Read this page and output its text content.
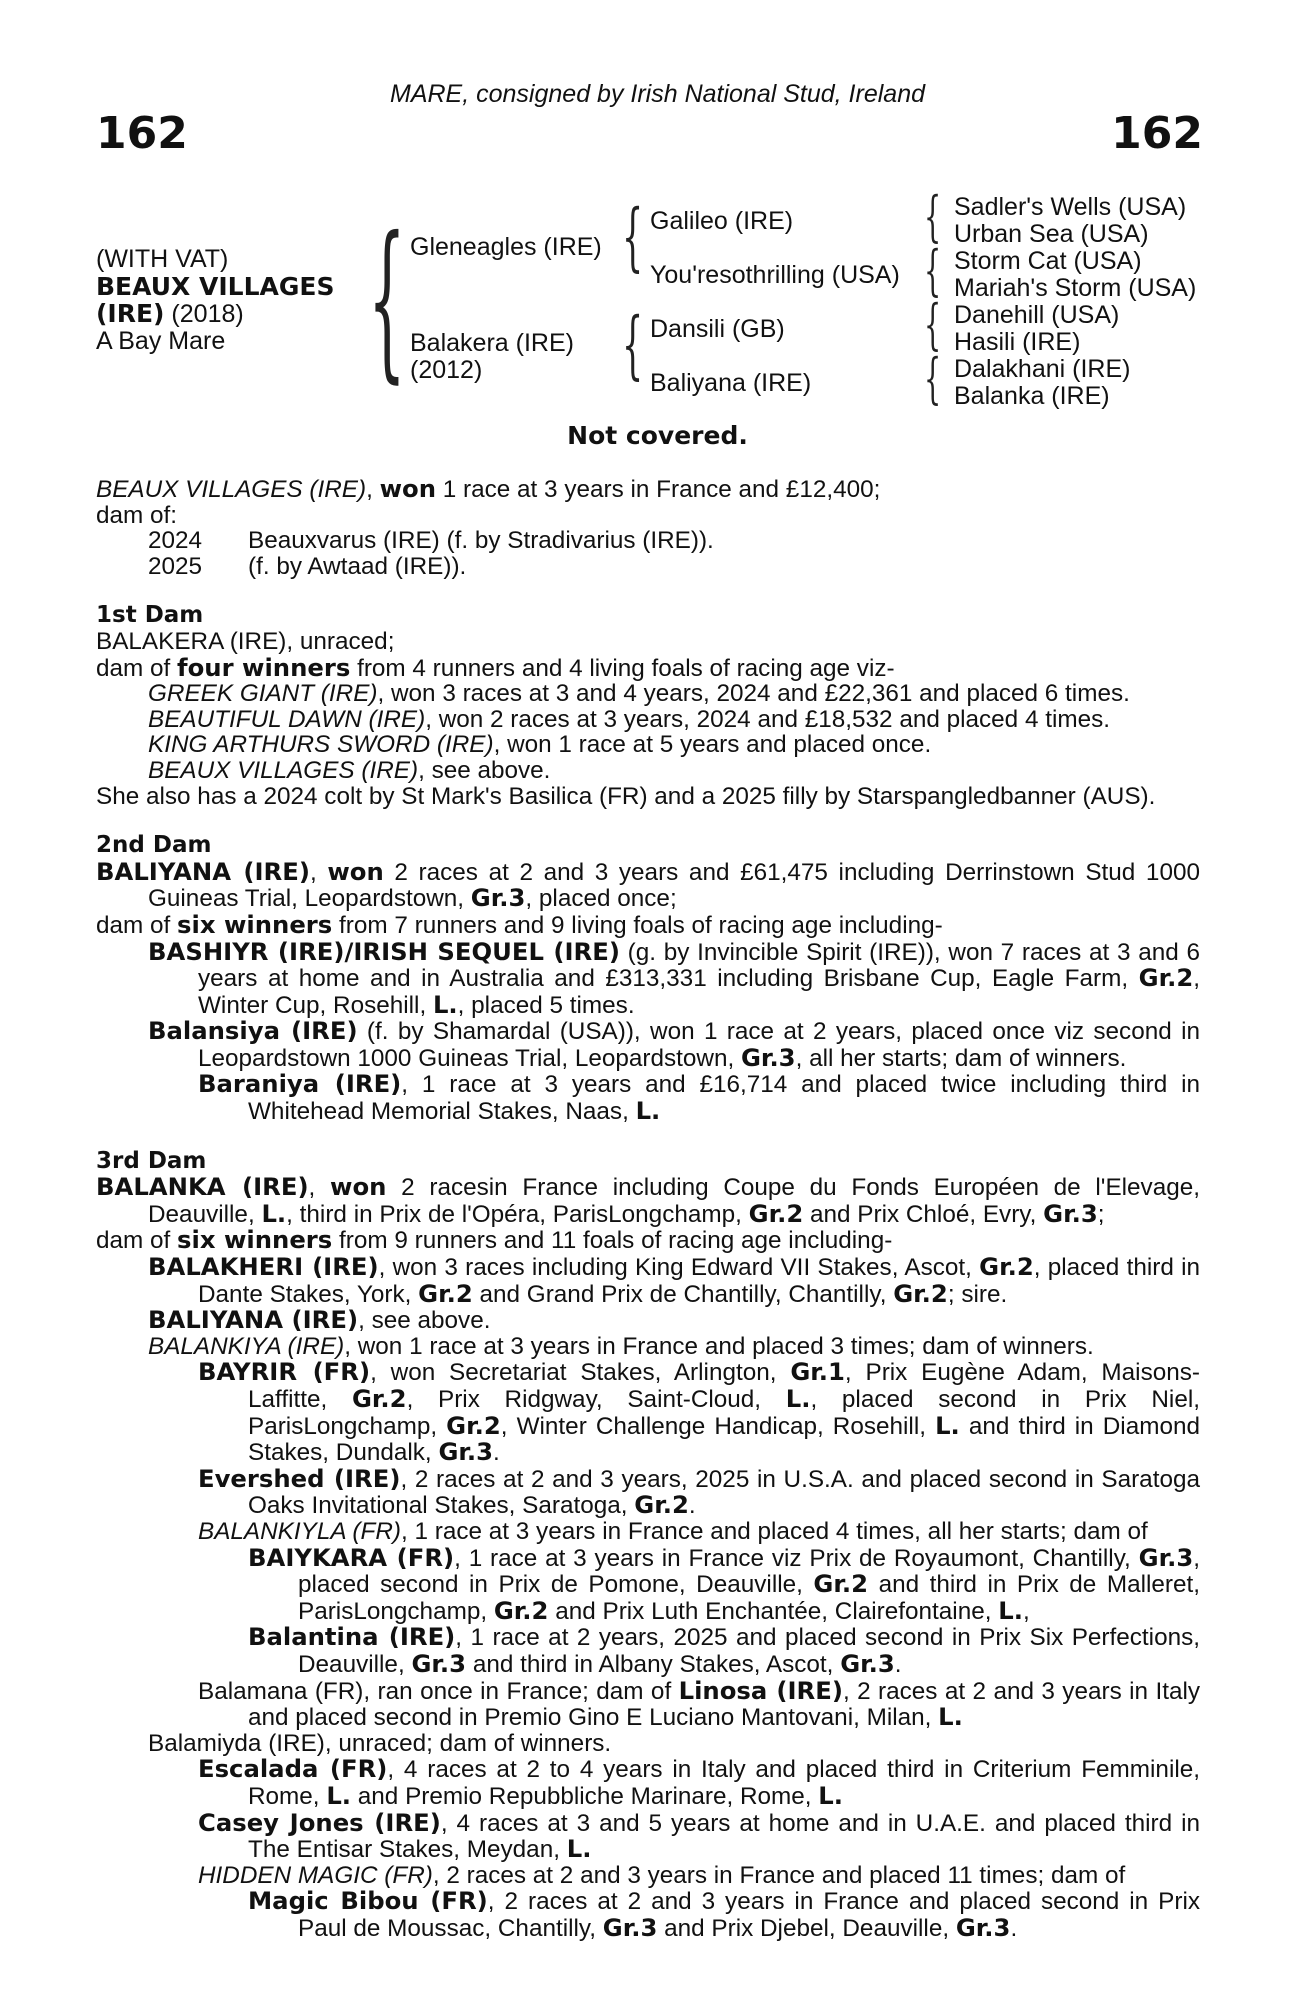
162	162
MARE, consigned by Irish National Stud, Ireland
(WITH VAT)
BEAUX VILLAGES
(IRE) (2018)
A Bay Mare { Gleneagles (IRE)
Balakera (IRE)
(2012)
{
{
Galileo (IRE)
You'resothrilling (USA)
Dansili (GB)
Baliyana (IRE)
{
{
{
{
Sadler's Wells (USA)
Urban Sea (USA)
Storm Cat (USA)
Mariah's Storm (USA)
Danehill (USA)
Hasili (IRE)
Dalakhani (IRE)
Balanka (IRE)
Not covered.

BEAUX VILLAGES (IRE), won 1 race at 3 years in France and £12,400;

dam of:

2024 Beauxvarus (IRE) (f. by Stradivarius (IRE)).

2025 (f. by Awtaad (IRE)).

1st Dam

BALAKERA (IRE), unraced;

dam of four winners from 4 runners and 4 living foals of racing age viz-

GREEK GIANT (IRE), won 3 races at 3 and 4 years, 2024 and £22,361 and placed 6 times.

BEAUTIFUL DAWN (IRE), won 2 races at 3 years, 2024 and £18,532 and placed 4 times.

KING ARTHURS SWORD (IRE), won 1 race at 5 years and placed once.

BEAUX VILLAGES (IRE), see above.

She also has a 2024 colt by St Mark's Basilica (FR) and a 2025 filly by Starspangledbanner (AUS).

2nd Dam

BALIYANA (IRE), won 2 races at 2 and 3 years and £61,475 including Derrinstown Stud 1000 Guineas Trial, Leopardstown, Gr.3, placed once;

dam of six winners from 7 runners and 9 living foals of racing age including-

BASHIYR (IRE)/IRISH SEQUEL (IRE) (g. by Invincible Spirit (IRE)), won 7 races at 3 and 6 years at home and in Australia and £313,331 including Brisbane Cup, Eagle Farm, Gr.2, Winter Cup, Rosehill, L., placed 5 times.

Balansiya (IRE) (f. by Shamardal (USA)), won 1 race at 2 years, placed once viz second in Leopardstown 1000 Guineas Trial, Leopardstown, Gr.3, all her starts; dam of winners.

Baraniya (IRE), 1 race at 3 years and £16,714 and placed twice including third in Whitehead Memorial Stakes, Naas, L.

3rd Dam

BALANKA (IRE), won 2 racesin France including Coupe du Fonds Européen de l'Elevage, Deauville, L., third in Prix de l'Opéra, ParisLongchamp, Gr.2 and Prix Chloé, Evry, Gr.3;

dam of six winners from 9 runners and 11 foals of racing age including-

BALAKHERI (IRE), won 3 races including King Edward VII Stakes, Ascot, Gr.2, placed third in Dante Stakes, York, Gr.2 and Grand Prix de Chantilly, Chantilly, Gr.2; sire.

BALIYANA (IRE), see above.

BALANKIYA (IRE), won 1 race at 3 years in France and placed 3 times; dam of winners.

BAYRIR (FR), won Secretariat Stakes, Arlington, Gr.1, Prix Eugène Adam, Maisons-Laffitte, Gr.2, Prix Ridgway, Saint-Cloud, L., placed second in Prix Niel, ParisLongchamp, Gr.2, Winter Challenge Handicap, Rosehill, L. and third in Diamond Stakes, Dundalk, Gr.3.

Evershed (IRE), 2 races at 2 and 3 years, 2025 in U.S.A. and placed second in Saratoga Oaks Invitational Stakes, Saratoga, Gr.2.

BALANKIYLA (FR), 1 race at 3 years in France and placed 4 times, all her starts; dam of

BAIYKARA (FR), 1 race at 3 years in France viz Prix de Royaumont, Chantilly, Gr.3, placed second in Prix de Pomone, Deauville, Gr.2 and third in Prix de Malleret, ParisLongchamp, Gr.2 and Prix Luth Enchantée, Clairefontaine, L.,

Balantina (IRE), 1 race at 2 years, 2025 and placed second in Prix Six Perfections, Deauville, Gr.3 and third in Albany Stakes, Ascot, Gr.3.

Balamana (FR), ran once in France; dam of Linosa (IRE), 2 races at 2 and 3 years in Italy and placed second in Premio Gino E Luciano Mantovani, Milan, L.

Balamiyda (IRE), unraced; dam of winners.

Escalada (FR), 4 races at 2 to 4 years in Italy and placed third in Criterium Femminile, Rome, L. and Premio Repubbliche Marinare, Rome, L.

Casey Jones (IRE), 4 races at 3 and 5 years at home and in U.A.E. and placed third in The Entisar Stakes, Meydan, L.

HIDDEN MAGIC (FR), 2 races at 2 and 3 years in France and placed 11 times; dam of

Magic Bibou (FR), 2 races at 2 and 3 years in France and placed second in Prix Paul de Moussac, Chantilly, Gr.3 and Prix Djebel, Deauville, Gr.3.
